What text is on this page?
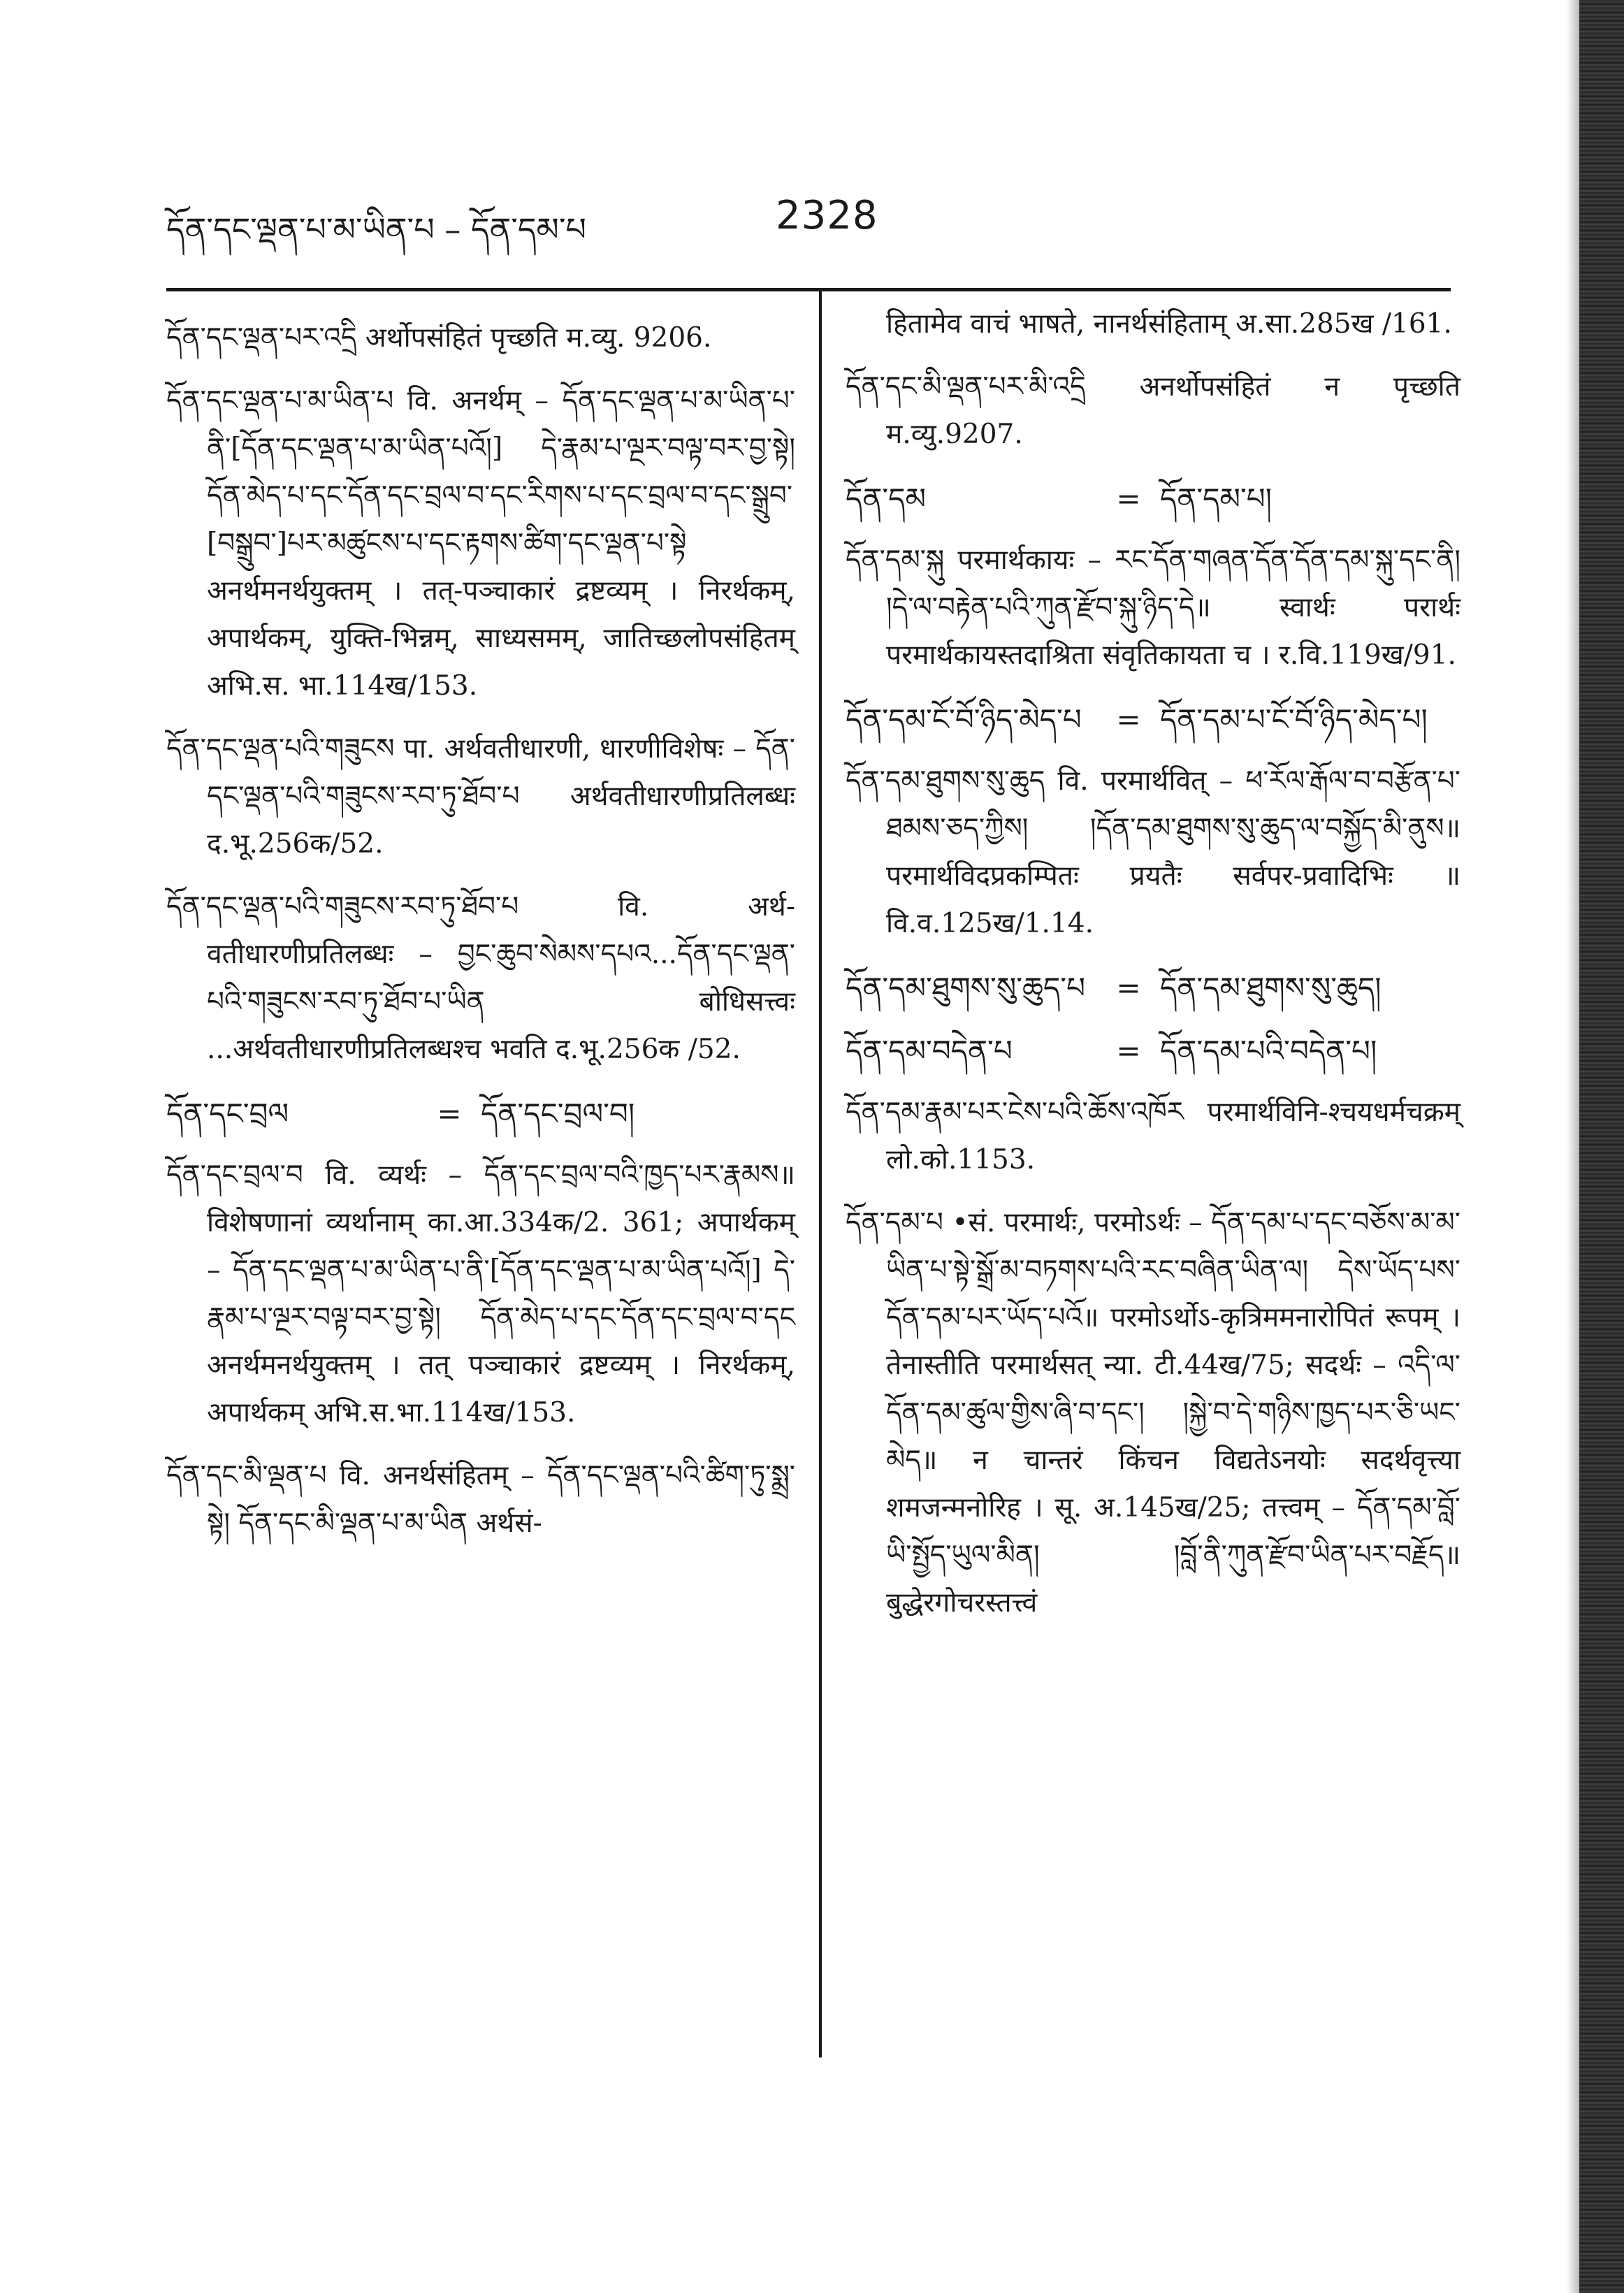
དོན་དང་ལྡན་པ་མ་ཡིན་པ – དོན་དམ་པ	2328

དོན་དང་ལྡན་པར་འདྲི अर्थोपसंहितं पृच्छति म.व्यु. 9206.

དོན་དང་ལྡན་པ་མ་ཡིན་པ वि. अनर्थम् – དོན་དང་ལྡན་པ་མ་ཡིན་པ་ནི་[དོན་དང་ལྡན་པ་མ་ཡིན་པའོ།] དེ་རྣམ་པ་ལྔར་བལྟ་བར་བྱ་སྟེ། དོན་མེད་པ་དང་དོན་དང་བྲལ་བ་དང་རིགས་པ་དང་བྲལ་བ་དང་སྒྲུབ་[བསྒྲུབ་]པར་མཚུངས་པ་དང་རྟགས་ཚིག་དང་ལྡན་པ་སྟེ अनर्थमनर्थयुक्तम् । तत्-पञ्चाकारं द्रष्टव्यम् । निरर्थकम्, अपार्थकम्, युक्ति-भिन्नम्, साध्यसमम्, जातिच्छलोपसंहितम् अभि.स. भा.114ख/153.

དོན་དང་ལྡན་པའི་གཟུངས पा. अर्थवतीधारणी, धारणीविशेषः – དོན་དང་ལྡན་པའི་གཟུངས་རབ་ཏུ་ཐོབ་པ अर्थवतीधारणीप्रतिलब्धः द.भू.256क/52.

དོན་དང་ལྡན་པའི་གཟུངས་རབ་ཏུ་ཐོབ་པ वि. अर्थ-वतीधारणीप्रतिलब्धः – བྱང་ཆུབ་སེམས་དཔའ...དོན་དང་ལྡན་པའི་གཟུངས་རབ་ཏུ་ཐོབ་པ་ཡིན बोधिसत्त्वः ...अर्थवतीधारणीप्रतिलब्धश्च भवति द.भू.256क /52.

དོན་དང་བྲལ	= དོན་དང་བྲལ་བ།

དོན་དང་བྲལ་བ वि. व्यर्थः – དོན་དང་བྲལ་བའི་ཁྱད་པར་རྣམས॥ विशेषणानां व्यर्थानाम् का.आ.334क/2. 361; अपार्थकम् – དོན་དང་ལྡན་པ་མ་ཡིན་པ་ནི་[དོན་དང་ལྡན་པ་མ་ཡིན་པའོ།] དེ་རྣམ་པ་ལྔར་བལྟ་བར་བྱ་སྟེ། དོན་མེད་པ་དང་དོན་དང་བྲལ་བ་དང अनर्थमनर्थयुक्तम् । तत् पञ्चाकारं द्रष्टव्यम् । निरर्थकम्, अपार्थकम् अभि.स.भा.114ख/153.

དོན་དང་མི་ལྡན་པ वि. अनर्थसंहितम् – དོན་དང་ལྡན་པའི་ཚིག་ཏུ་སྨྲ་སྟེ། དོན་དང་མི་ལྡན་པ་མ་ཡིན अर्थसं-

हितामेव वाचं भाषते, नानर्थसंहिताम् अ.सा.285ख /161.

དོན་དང་མི་ལྡན་པར་མི་འདྲི अनर्थोपसंहितं न पृच्छति म.व्यु.9207.

དོན་དམ	= དོན་དམ་པ།

དོན་དམ་སྐུ परमार्थकायः – རང་དོན་གཞན་དོན་དོན་དམ་སྐུ་དང་ནི། །དེ་ལ་བརྟེན་པའི་ཀུན་རྫོབ་སྐུ་ཉིད་དེ॥ स्वार्थः परार्थः परमार्थकायस्तदाश्रिता संवृतिकायता च । र.वि.119ख/91.

དོན་དམ་ངོ་བོ་ཉིད་མེད་པ	= དོན་དམ་པ་ངོ་བོ་ཉིད་མེད་པ།

དོན་དམ་ཐུགས་སུ་ཆུད वि. परमार्थवित् – ཕ་རོལ་རྒོལ་བ་བརྩོན་པ་ཐམས་ཅད་ཀྱིས། །དོན་དམ་ཐུགས་སུ་ཆུད་ལ་བསྐྱོད་མི་ནུས॥ परमार्थविदप्रकम्पितः प्रयतैः सर्वपर-प्रवादिभिः ॥ वि.व.125ख/1.14.

དོན་དམ་ཐུགས་སུ་ཆུད་པ	= དོན་དམ་ཐུགས་སུ་ཆུད།
དོན་དམ་བདེན་པ	= དོན་དམ་པའི་བདེན་པ།

དོན་དམ་རྣམ་པར་ངེས་པའི་ཆོས་འཁོར परमार्थविनि-श्चयधर्मचक्रम् लो.को.1153.

དོན་དམ་པ •सं. परमार्थः, परमोऽर्थः – དོན་དམ་པ་དང་བཅོས་མ་མ་ཡིན་པ་སྟེ་སྒྲོ་མ་བཏགས་པའི་རང་བཞིན་ཡིན་ལ། དེས་ཡོད་པས་དོན་དམ་པར་ཡོད་པའོ॥ परमोऽर्थोऽ-कृत्रिममनारोपितं रूपम् । तेनास्तीति परमार्थसत् न्या. टी.44ख/75; सदर्थः – འདི་ལ་དོན་དམ་ཚུལ་གྱིས་ཞི་བ་དང་། །སྐྱེ་བ་དེ་གཉིས་ཁྱད་པར་ཅི་ཡང་མེད॥ न चान्तरं किंचन विद्यतेऽनयोः सदर्थवृत्त्या शमजन्मनोरिह । सू. अ.145ख/25; तत्त्वम् – དོན་དམ་བློ་ཡི་སྤྱོད་ཡུལ་མིན། །བློ་ནི་ཀུན་རྫོབ་ཡིན་པར་བརྗོད॥ बुद्धेरगोचरस्तत्त्वं
